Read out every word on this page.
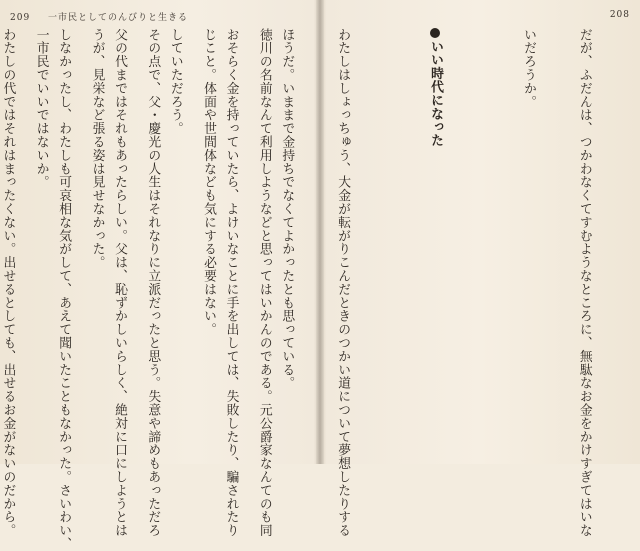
209 一市民としてのんびりと生きる

徳川の名前なんて利用しようなどと思ってはいかんのである。元公爵家なんてのも同

じこと。体面や世間体なども気にする必要はない。

その点で、父・慶光の人生はそれなりに立派だったと思う。失意や諦めもあっただろ

うが、見栄など張る姿は見せなかった。

一市民でいいではないか。

208

だが、ふだんは、つかわなくてすむようなところに、無駄なお金をかけすぎてはいな

いだろうか。

いい時代になった

わたしはしょっちゅう、大金が転がりこんだときのつかい道について夢想したりする

ほうだ。いままで金持ちでなくてよかったとも思っている。

おそらく金を持っていたら、よけいなことに手を出しては、失敗したり、騙されたり

していただろう。

父の代まではそれもあったらしい。父は、恥ずかしいらしく、絶対に口にしようとは

しなかったし、わたしも可哀相な気がして、あえて聞いたこともなかった。さいわい、

わたしの代ではそれはまったくない。出せるとしても、出せるお金がないのだから。
